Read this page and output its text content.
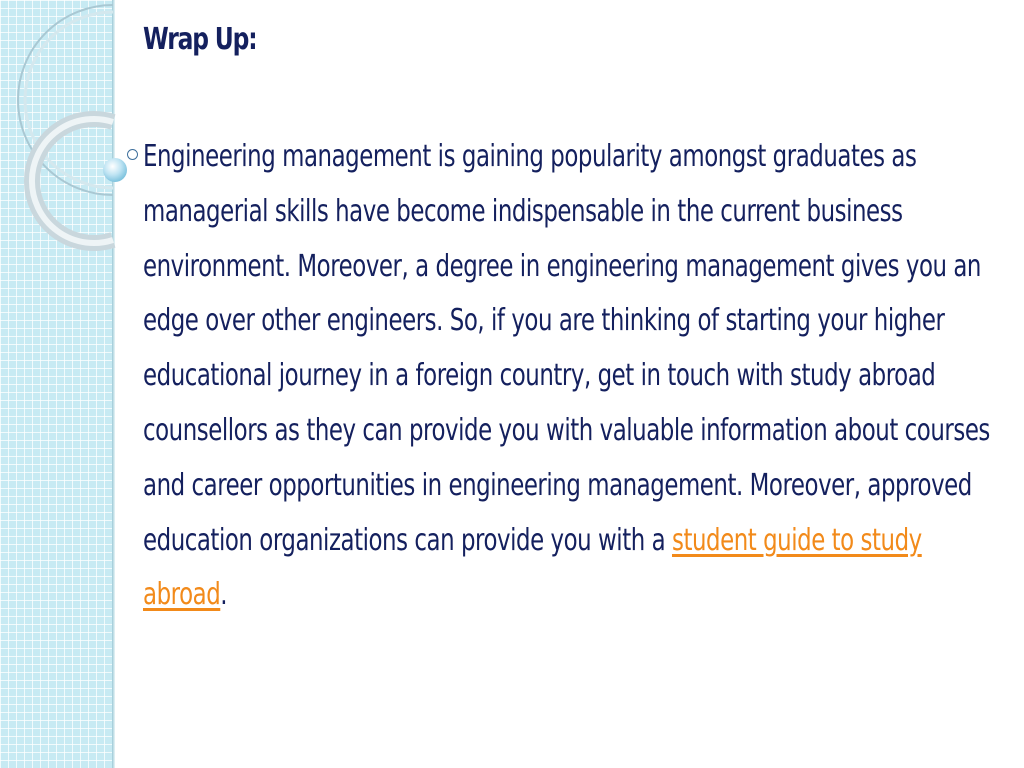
Wrap Up:

Engineering management is gaining popularity amongst graduates as managerial skills have become indispensable in the current business environment. Moreover, a degree in engineering management gives you an edge over other engineers. So, if you are thinking of starting your higher educational journey in a foreign country, get in touch with study abroad counsellors as they can provide you with valuable information about courses and career opportunities in engineering management. Moreover, approved education organizations can provide you with a student guide to study abroad.
